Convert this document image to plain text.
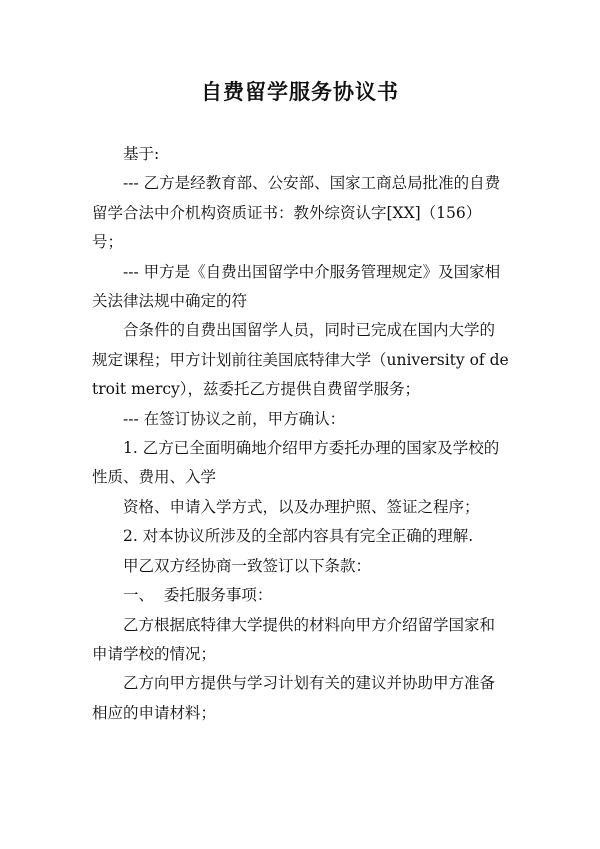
自费留学服务协议书

基于:

--- 乙方是经教育部、公安部、国家工商总局批准的自费留学合法中介机构资质证书：教外综资认字[XX]（156）号；

--- 甲方是《自费出国留学中介服务管理规定》及国家相关法律法规中确定的符

合条件的自费出国留学人员，同时已完成在国内大学的规定课程；甲方计划前往美国底特律大学（university of detroit mercy），兹委托乙方提供自费留学服务；

--- 在签订协议之前，甲方确认：

1. 乙方已全面明确地介绍甲方委托办理的国家及学校的性质、费用、入学

资格、申请入学方式，以及办理护照、签证之程序；

2. 对本协议所涉及的全部内容具有完全正确的理解.

甲乙双方经协商一致签订以下条款：

一、  委托服务事项：

乙方根据底特律大学提供的材料向甲方介绍留学国家和申请学校的情况；

乙方向甲方提供与学习计划有关的建议并协助甲方准备相应的申请材料；
